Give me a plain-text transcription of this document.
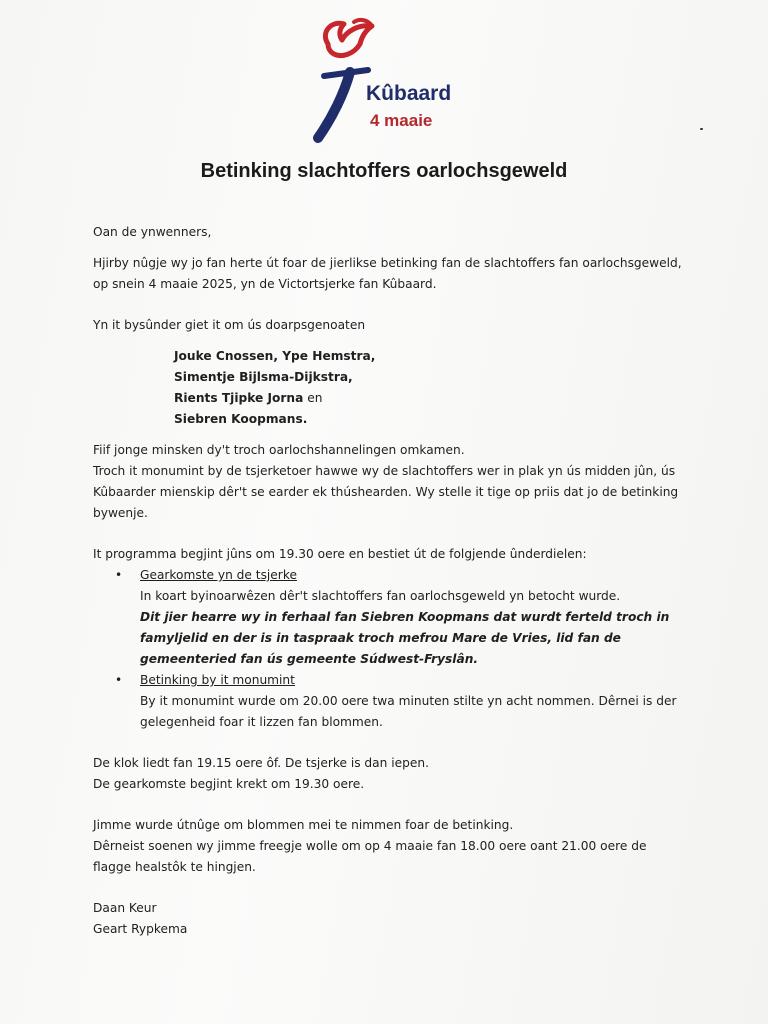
Kûbaard

4 maaie

Betinking slachtoffers oarlochsgeweld

Oan de ynwenners,

Hjirby nûgje wy jo fan herte út foar de jierlikse betinking fan de slachtoffers fan oarlochsgeweld, op snein 4 maaie 2025, yn de Victortsjerke fan Kûbaard.

Yn it bysûnder giet it om ús doarpsgenoaten

Jouke Cnossen, Ype Hemstra,
Simentje Bijlsma-Dijkstra,
Rients Tjipke Jorna en
Siebren Koopmans.

Fiif jonge minsken dy't troch oarlochshannelingen omkamen.

Troch it monumint by de tsjerketoer hawwe wy de slachtoffers wer in plak yn ús midden jûn, ús Kûbaarder mienskip dêr't se earder ek thúshearden. Wy stelle it tige op priis dat jo de betinking bywenje.

It programma begjint jûns om 19.30 oere en bestiet út de folgjende ûnderdielen:

• Gearkomste yn de tsjerke
In koart byinoarwêzen dêr't slachtoffers fan oarlochsgeweld yn betocht wurde.
Dit jier hearre wy in ferhaal fan Siebren Koopmans dat wurdt ferteld troch in famyljelid en der is in taspraak troch mefrou Mare de Vries, lid fan de gemeenteried fan ús gemeente Súdwest-Fryslân.
• Betinking by it monumint
By it monumint wurde om 20.00 oere twa minuten stilte yn acht nommen. Dêrnei is der gelegenheid foar it lizzen fan blommen.

De klok liedt fan 19.15 oere ôf. De tsjerke is dan iepen.

De gearkomste begjint krekt om 19.30 oere.

Jimme wurde útnûge om blommen mei te nimmen foar de betinking.

Dêrneist soenen wy jimme freegje wolle om op 4 maaie fan 18.00 oere oant 21.00 oere de flagge healstôk te hingjen.

Daan Keur

Geart Rypkema
